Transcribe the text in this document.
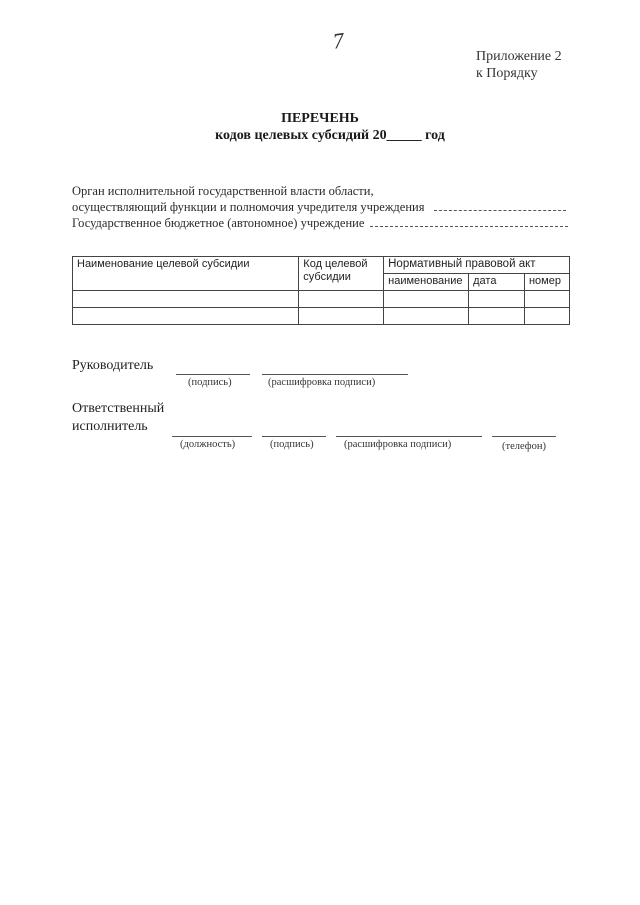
7
Приложение 2
к Порядку
ПЕРЕЧЕНЬ
кодов целевых субсидий 20_____ год
Орган исполнительной государственной власти области,
осуществляющий функции и полномочия учредителя учреждения
Государственное бюджетное (автономное) учреждение
Наименование целевой субсидии	Код целевой субсидии	Нормативный правовой акт		
		наименование	дата	номер

Руководитель
(подпись)	(расшифровка подписи)
Ответственный
исполнитель
(должность)	(подпись)	(расшифровка подписи)	(телефон)
